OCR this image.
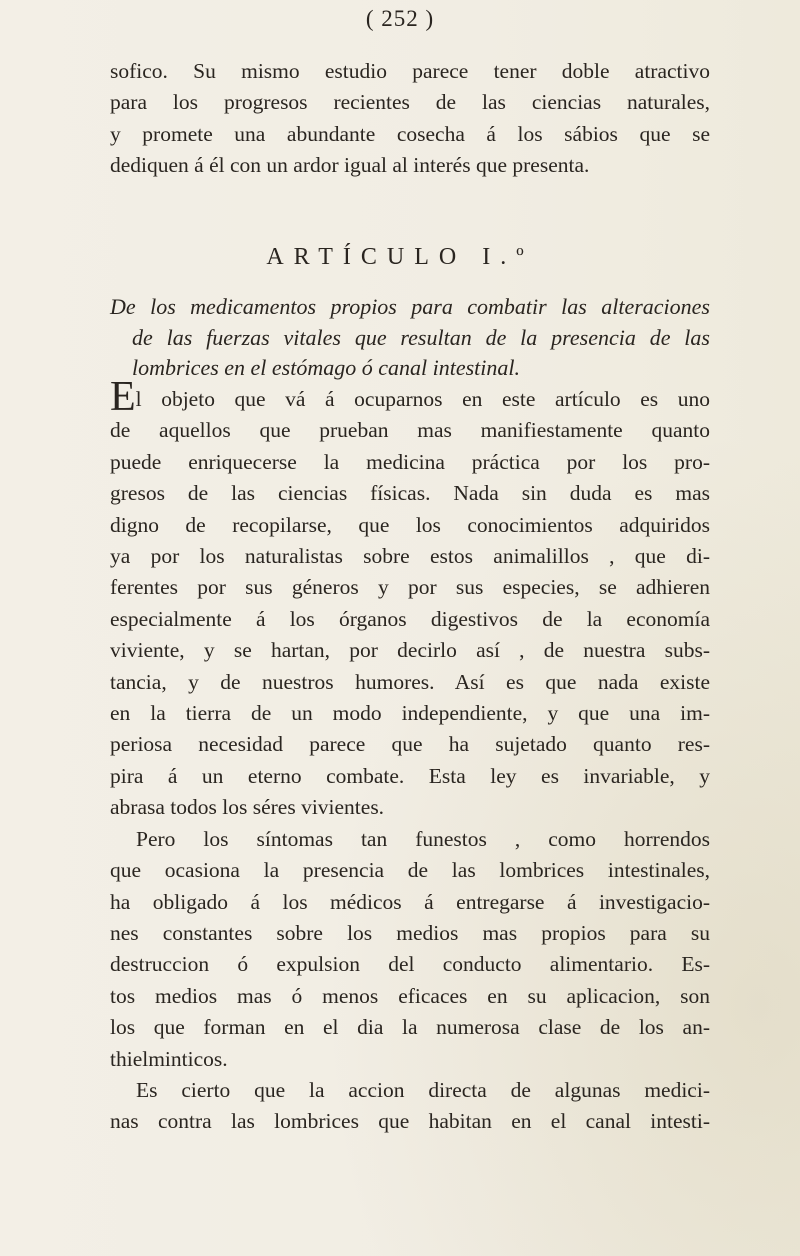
( 252 )
sofico. Su mismo estudio parece tener doble atractivo
para los progresos recientes de las ciencias naturales,
y promete una abundante cosecha á los sábios que se
dediquen á él con un ardor igual al interés que presenta.
ARTÍCULO I.º
De los medicamentos propios para combatir las alteraciones
de las fuerzas vitales que resultan de la presencia de las
lombrices en el estómago ó canal intestinal.
El objeto que vá á ocuparnos en este artículo es uno
de aquellos que prueban mas manifiestamente quanto
puede enriquecerse la medicina práctica por los pro-
gresos de las ciencias físicas. Nada sin duda es mas
digno de recopilarse, que los conocimientos adquiridos
ya por los naturalistas sobre estos animalillos , que di-
ferentes por sus géneros y por sus especies, se adhieren
especialmente á los órganos digestivos de la economía
viviente, y se hartan, por decirlo así , de nuestra subs-
tancia, y de nuestros humores. Así es que nada existe
en la tierra de un modo independiente, y que una im-
periosa necesidad parece que ha sujetado quanto res-
pira á un eterno combate. Esta ley es invariable, y
abrasa todos los séres vivientes.
Pero los síntomas tan funestos , como horrendos
que ocasiona la presencia de las lombrices intestinales,
ha obligado á los médicos á entregarse á investigacio-
nes constantes sobre los medios mas propios para su
destruccion ó expulsion del conducto alimentario. Es-
tos medios mas ó menos eficaces en su aplicacion, son
los que forman en el dia la numerosa clase de los an-
thielminticos.
Es cierto que la accion directa de algunas medici-
nas contra las lombrices que habitan en el canal intesti-
